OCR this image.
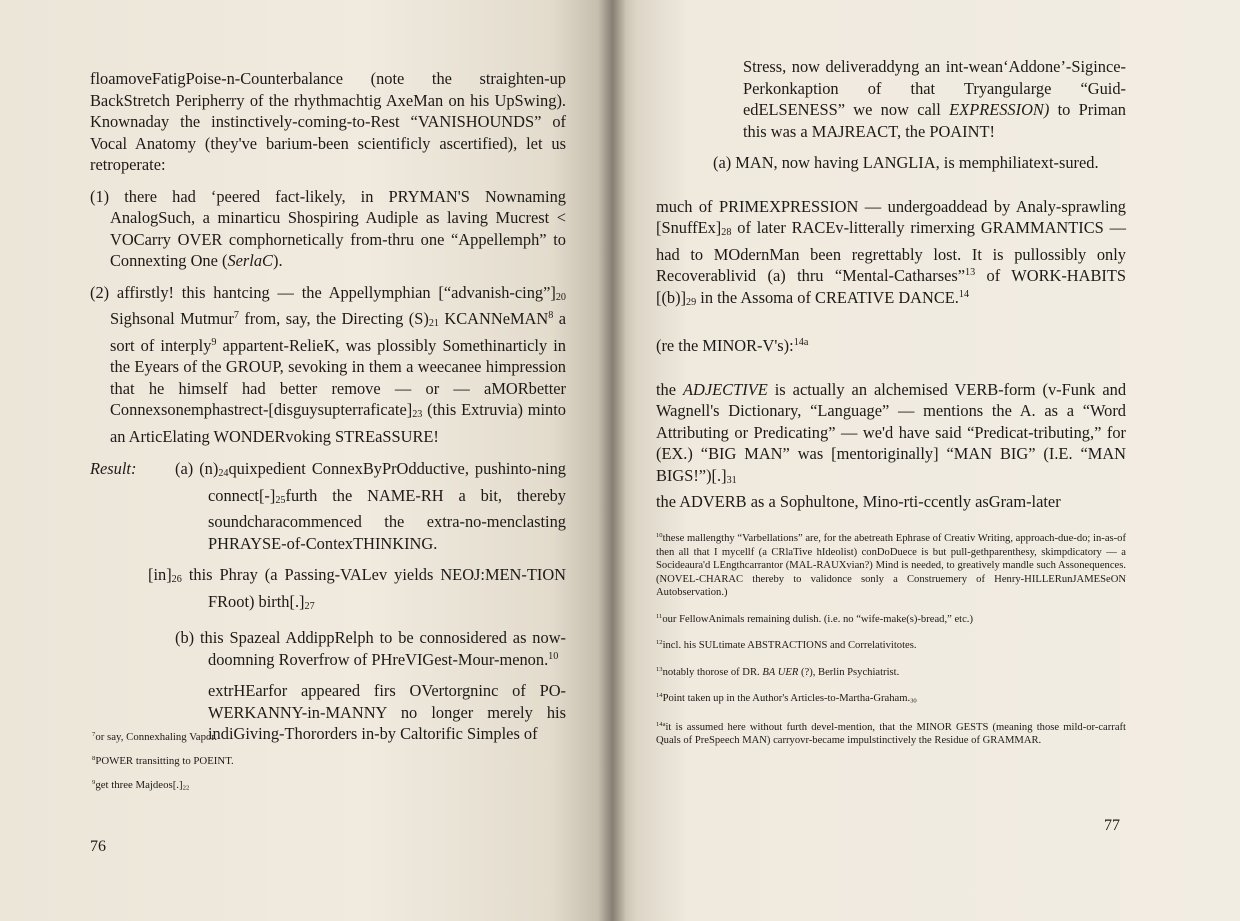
floamoveFatigPoise-n-Counterbalance (note the straighten-up BackStretch Peripherry of the rhythmachtig AxeMan on his UpSwing). Knownaday the instinctively-coming-to-Rest “VANISHOUNDS” of Vocal Anatomy (they've barium-been scientificly ascertified), let us retroperate:

(1) there had ‘peered fact-likely, in PRYMAN'S Nownaming AnalogSuch, a minarticu Shospiring Audiple as laving Mucrest < VOCarry OVER comphornetically from-thru one “Appellemph” to Connexting One (SerlaC).

(2) affirstly! this hantcing — the Appellymphian $[“advanish-cing”]_{20}$ Sighsonal Mutmur$^7$ from, say, the Directing $(S)_{21}$ KCANNeMAN$^8$ a sort of interply$^9$ appartent-RelieK, was plossibly Somethinarticly in the Eyears of the GROUP, sevoking in them a weecanee himpression that he himself had better remove — or — aMORbetter Connexsonemphastrect-$[disguysupterraficate]_{23}$ (this Extruvia) minto an ArticElating WONDERvoking STREaSSURE!

Result:	(a) $(n)_{24}quixpedient$ ConnexByPrOdductive, pushinto-ning $connect[-]_{25}furth$ the NAME-RH a bit, thereby soundcharacommenced the extra-no-menclasting PHRAYSE-of-ContexTHINKING.

$[in]_{26}$ this Phray (a Passing-VALev yields NEOJ:MEN-TION FRoot) $birth[.]_{27}$

(b) this Spazeal AddippRelph to be connosidered as now-doomning Roverfrow of PHreVIGest-Mour-menon.$^{10}$

extrHEarfor appeared firs OVertorgninc of PO-WERKANNY-in-MANNY no longer merely his indiGiving-Thororders in-by Caltorific Simples of

$^7$or say, Connexhaling Vapor.
$^8$POWER transitting to POEINT.
$^9$get three $Majdeos[.]_{22}$
76

Stress, now deliveraddyng an int-wean‘Addone’-Sigince-Perkonkaption of that Tryangularge “Guid-edELSENESS” we now call EXPRESSION) to Priman this was a MAJREACT, the POAINT!

(a) MAN, now having LANGLIA, is memphiliatext-sured.

much of PRIMEXPRESSION — undergoaddead by Analy-sprawling $[SnuffEx]_{28}$ of later RACEv-litterally rimerxing GRAMMANTICS — had to MOdernMan been regrettably lost. It is pullossibly only Recoverablivid (a) thru “Mental-Catharses”$^{13}$ of WORK-HABITS $[(b)]_{29}$ in the Assoma of CREATIVE DANCE.$^{14}$

(re the MINOR-V's):$^{14a}$

the ADJECTIVE is actually an alchemised VERB-form (v-Funk and Wagnell's Dictionary, “Language” — mentions the A. as a “Word Attributing or Predicating” — we'd have said “Predicat-tributing,” for (EX.) “BIG MAN” was [mentoriginally] “MAN BIG” (I.E. “MAN $BIGS!”)[.]_{31}$

the ADVERB as a Sophultone, Mino-rti-ccently asGram-later

$^{10}$these mallengthy “Varbellations” are, for the abetreath Ephrase of Creativ Writing, approach-due-do; in-as-of then all that I mycellf (a CRlaTive hIdeolist) conDoDuece is but pull-gethparenthesy, skimpdicatory — a Socideaura'd LEngthcarrantor (MAL-RAUXvian?) Mind is needed, to greatively mandle such Assonequences. (NOVEL-CHARAC thereby to validonce sonly a Construemery of Henry-HILLERunJAMESeON Autobservation.)
$^{11}$our FellowAnimals remaining dulish. (i.e. no “wife-make(s)-bread,” etc.)
$^{12}$incl. his SULtimate ABSTRACTIONS and Correlativitotes.
$^{13}$notably thorose of DR. BA UER (?), Berlin Psychiatrist.
$^{14}$Point taken up in the Author's Articles-$to-Martha-Graham._{30}$
$^{14a}$it is assumed here without furth devel-mention, that the MINOR GESTS (meaning those mild-or-carraft Quals of PreSpeech MAN) carryovr-became impulstinctively the Residue of GRAMMAR.
77
